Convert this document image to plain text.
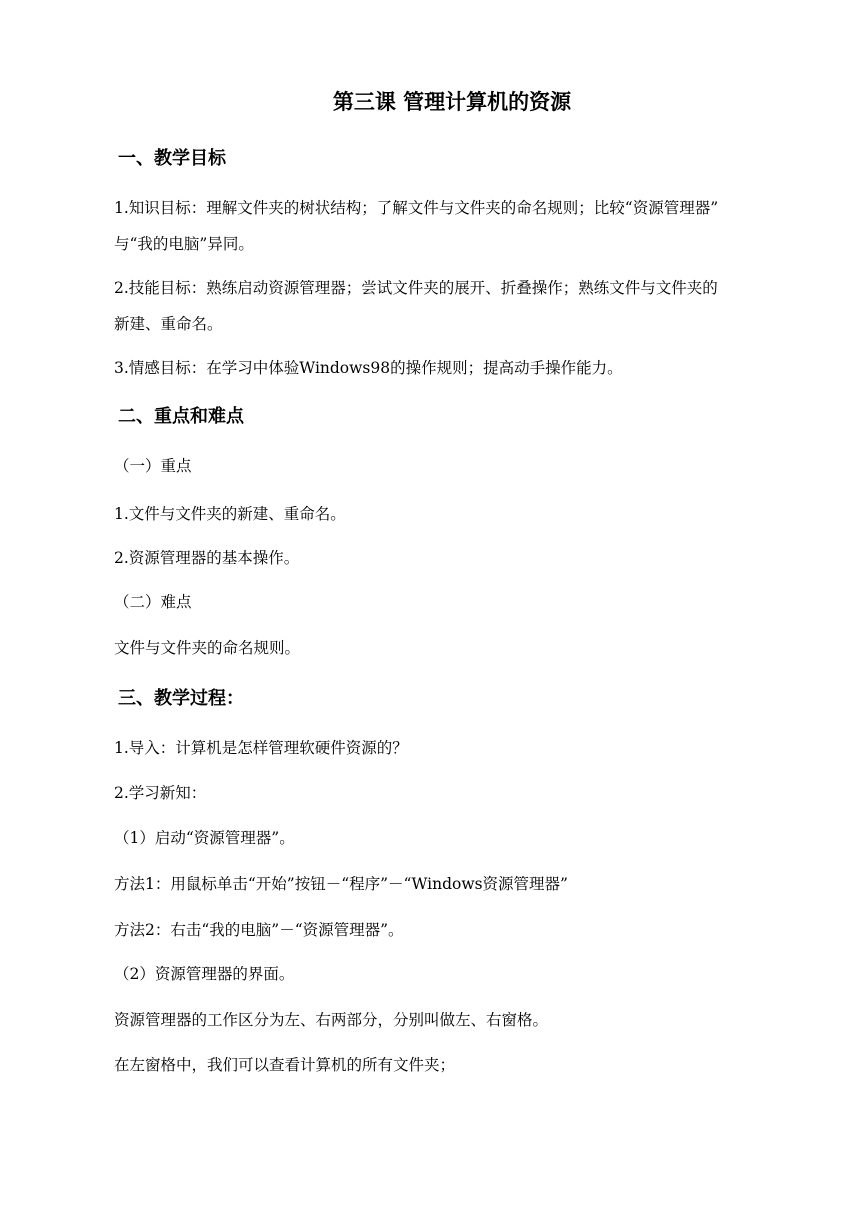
第三课 管理计算机的资源
一、教学目标
1.知识目标：理解文件夹的树状结构；了解文件与文件夹的命名规则；比较“资源管理器”
与“我的电脑”异同。
2.技能目标：熟练启动资源管理器；尝试文件夹的展开、折叠操作；熟练文件与文件夹的
新建、重命名。
3.情感目标：在学习中体验Windows98的操作规则；提高动手操作能力。
二、重点和难点
（一）重点
1.文件与文件夹的新建、重命名。
2.资源管理器的基本操作。
（二）难点
文件与文件夹的命名规则。
三、教学过程：
1.导入：计算机是怎样管理软硬件资源的？
2.学习新知：
（1）启动“资源管理器”。
方法1：用鼠标单击“开始”按钮－“程序”－“Windows资源管理器”
方法2：右击“我的电脑”－“资源管理器”。
（2）资源管理器的界面。
资源管理器的工作区分为左、右两部分，分别叫做左、右窗格。
在左窗格中，我们可以查看计算机的所有文件夹；
